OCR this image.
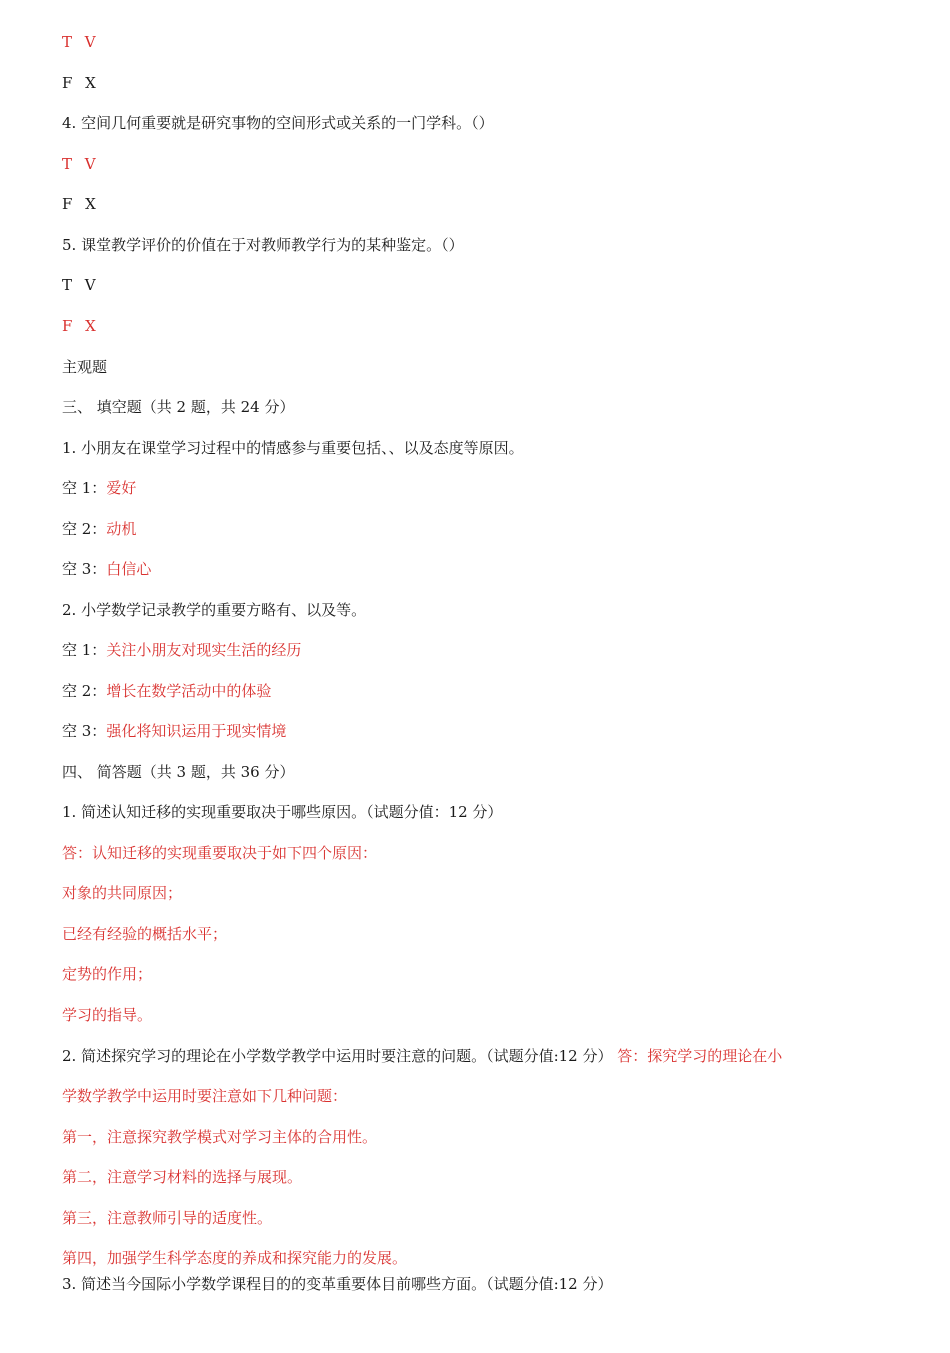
T V
F X
4. 空间几何重要就是研究事物的空间形式或关系的一门学科。（）
T V
F X
5. 课堂教学评价的价值在于对教师教学行为的某种鉴定。（）
T V
F X
主观题
三、 填空题（共 2 题，共 24 分）
1. 小朋友在课堂学习过程中的情感参与重要包括、、以及态度等原因。
空 1：爱好
空 2：动机
空 3：白信心
2. 小学数学记录教学的重要方略有、以及等。
空 1：关注小朋友对现实生活的经历
空 2：增长在数学活动中的体验
空 3：强化将知识运用于现实情境
四、 简答题（共 3 题，共 36 分）
1. 简述认知迁移的实现重要取决于哪些原因。（试题分值：12 分）
答：认知迁移的实现重要取决于如下四个原因：
对象的共同原因；
已经有经验的概括水平；
定势的作用；
学习的指导。
2. 简述探究学习的理论在小学数学教学中运用时要注意的问题。（试题分值:12 分） 答：探究学习的理论在小
学数学教学中运用时要注意如下几种问题：
第一，注意探究教学模式对学习主体的合用性。
第二，注意学习材料的选择与展现。
第三，注意教师引导的适度性。
第四，加强学生科学态度的养成和探究能力的发展。
3. 简述当今国际小学数学课程目的的变革重要体目前哪些方面。（试题分值:12 分）
